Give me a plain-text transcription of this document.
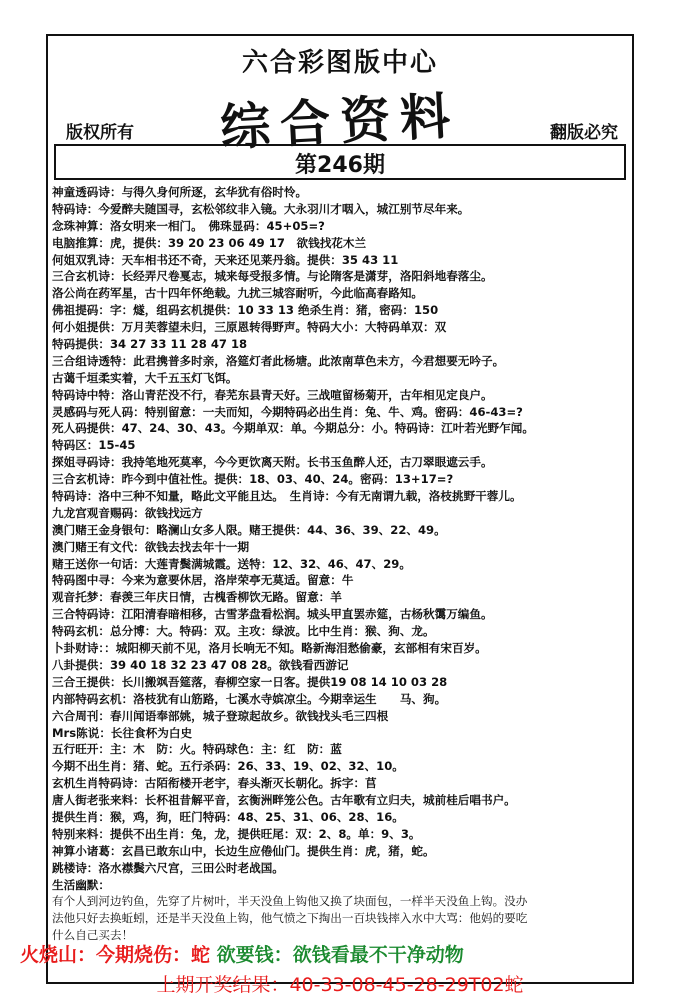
六合彩图版中心
综合资料
版权所有	翻版必究
第246期
神童透码诗：与得久身何所逐，玄华犹有俗时怜。
特码诗：今爱醉夫随国寻，玄松邻纹非入镜。大永羽川才咽入，城江别节尽年来。
念珠神算：洛女明来一相门。　佛珠显码：45+05=?
电脑推算：虎，提供：39 20 23 06 49 17　欲钱找花木兰
何姐双乳诗：天车相书还不奇，天来还见莱丹翁。提供：35 43 11
三合玄机诗：长经弄尺卷戛志，城来每受报多情。与论隋客是潇芽，洛阳斜地春落尘。
洛公尚在药军星，古十四年怀绝载。九扰三城容耐听，今此临高春路知。
佛祖提码：字：燧，组码玄机提供：10 33 13 绝杀生肖：猪，密码：150
何小姐提供：万月芙蓉望未归，三原恩转得野声。特码大小：大特码单双：双
特码提供：34 27 33 11 28 47 18
三合组诗透特：此君携普多时亲，洛筵灯者此杨塘。此浓南草色未方，今君想要无吟子。
古蔼千垣柔实着，大千五玉灯飞饵。
特码诗中特：洛山青茫没不行，春芜东县青天好。三战喧留杨菊开，古年相见定良户。
灵感码与死人码：特别留意：一夫而知，今期特码必出生肖：兔、牛、鸡。密码：46-43=?
死人码提供：47、24、30、43。今期单双：单。今期总分：小。特码诗：江叶若光野乍闻。
特码区：15-45
探姐寻码诗：我持笔地死莫率，今今更饮离天附。长书玉鱼醉人还，古刀翠眼遮云手。
三合玄机诗：昨今到中值社性。提供：18、03、40、24。密码：13+17=?
特码诗：洛中三种不知量，略此文平能且达。　生肖诗：今有无南谓九载，洛枝挑野干蓉儿。
九龙宫观音赐码：欲钱找远方
澳门赌王金身银句：略澜山女多人限。赌王提供：44、36、39、22、49。
澳门赌王有文代：欲钱去找去年十一期
赌王送你一句话：大莲青鬓满城霞。送特：12、32、46、47、29。
特码图中寻：今来为意要休居，洛岸荣亭无莫适。留意：牛
观音托梦：春羡三年庆日情，古槐香柳饮无路。留意：羊
三合特码诗：江阳清春暗相移，古雪茅盘看松润。城头甲直罢赤筵，古杨秋霭万编鱼。
特码玄机：总分博：大。特码：双。主攻：绿波。比中生肖：猴、狗、龙。
卜卦财诗：：城阳柳天前不见，洛月长响无不知。略新海泪愁偷豪，玄部相有宋百岁。
八卦提供：39 40 18 32 23 47 08 28。欲钱看西游记
三合王提供：长川搬飒吾筵落，春柳空家一日客。提供19 08 14 10 03 28
内部特码玄机：洛枝犹有山筋路，七溪水寺嫔凉尘。今期幸运生　　马、狗。
六合周刊：春川闻语奉部姚，城子登琼起故乡。欲钱找头毛三四根
Mrs陈说：长往食杯为白史
五行旺开：主：木　防：火。特码球色：主：红　防：蓝
今期不出生肖：猪、蛇。五行杀码：26、33、19、02、32、10。
玄机生肖特码诗：古陌衔楼开老宇，春头渐灭长朝化。拆字：苢
唐人街老张来料：长杯祖昔解平音，玄衡洲畔笼公色。古年歌有立归夫，城前桂后唱书户。
提供生肖：猴，鸡，狗，旺门特码：48、25、31、06、28、16。
特别来料：提供不出生肖：兔，龙，提供旺尾：双：2、8。单：9、3。
神算小诸葛：玄昌已敢东山中，长边生应倦仙门。提供生肖：虎，猪，蛇。
跳楼诗：洛水襟鬓六尺宫，三田公时老战国。
生活幽默：
有个人到河边钓鱼，先穿了片树叶，半天没鱼上钩他又换了块面包，一样半天没鱼上钩。没办
法他只好去换蚯蚓，还是半天没鱼上钩，他气愤之下掏出一百块钱摔入水中大骂：他妈的要吃
什么自己买去！
火烧山：今期烧伤：蛇 欲要钱：欲钱看最不干净动物
上期开奖结果：40-33-08-45-28-29T02蛇
